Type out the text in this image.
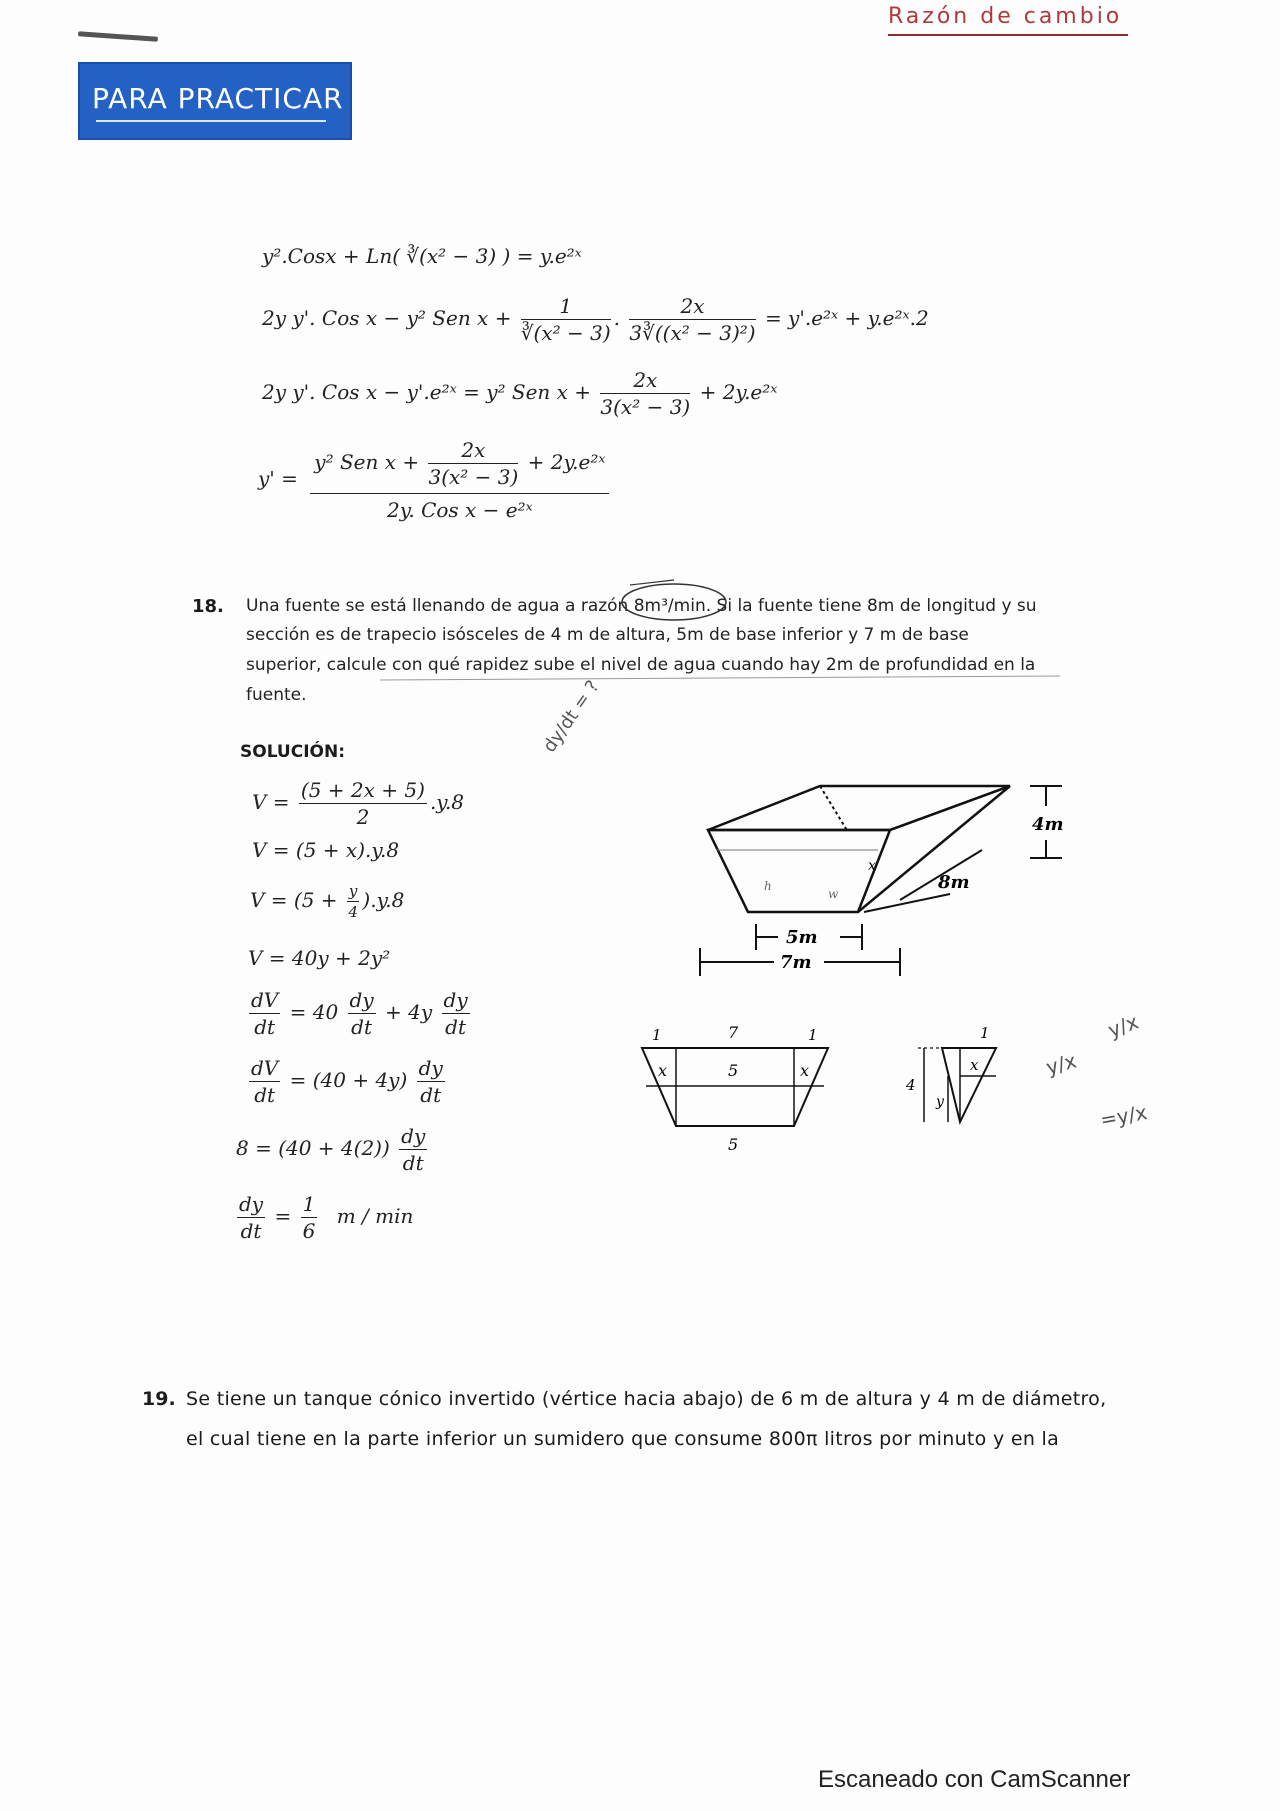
Razón de cambio
PARA PRACTICAR
y².Cosx + Ln( ∛(x² − 3) ) = y.e²ˣ
2y y'. Cos x − y² Sen $x + \frac{1}{\text{∛(x² − 3)}}$ . $\frac{2x}{\text{3∛((x² − 3)²)}}$ = y'.e²ˣ + y.e²ˣ.2
2y y'. Cos x − y'.e²ˣ = y² Sen $x + \frac{2x}{\text{3(x² − 3)}}$ + 2y.e²ˣ
y' =
y² Sen $x + \frac{2x}{\text{3(x² − 3)}}$ + 2y.e²ˣ
2y. Cos x − e²ˣ
18. Una fuente se está llenando de agua a razón 8m³/min. Si la fuente tiene 8m de longitud y su
sección es de trapecio isósceles de 4 m de altura, 5m de base inferior y 7 m de base
superior, calcule con qué rapidez sube el nivel de agua cuando hay 2m de profundidad en la
fuente.	dy/dt = ?
SOLUCIÓN:
$V = \frac{(5 + 2x + 5)}{2} .y.8$
V = (5 + x).y.8
$V = (5 + \frac{y}{4} ).y.8$
V = 40y + 2y²
$\frac{dV}{dt} = 40 \frac{dy}{dt} + 4y \frac{dy}{dt}$
$\frac{dV}{dt} = (40 + 4y) \frac{dy}{dt}$
$8 = (40 + 4(2)) \frac{dy}{dt}$
$\frac{dy}{dt} = \frac{1}{6}$ m / min
4m
8m
x
h
w
5m
7m
1	7	1
x	5	x
5
1
4
x
y
y/x
y/x
=y/x
19. Se tiene un tanque cónico invertido (vértice hacia abajo) de 6 m de altura y 4 m de diámetro,
el cual tiene en la parte inferior un sumidero que consume 800π litros por minuto y en la
Escaneado con CamScanner
